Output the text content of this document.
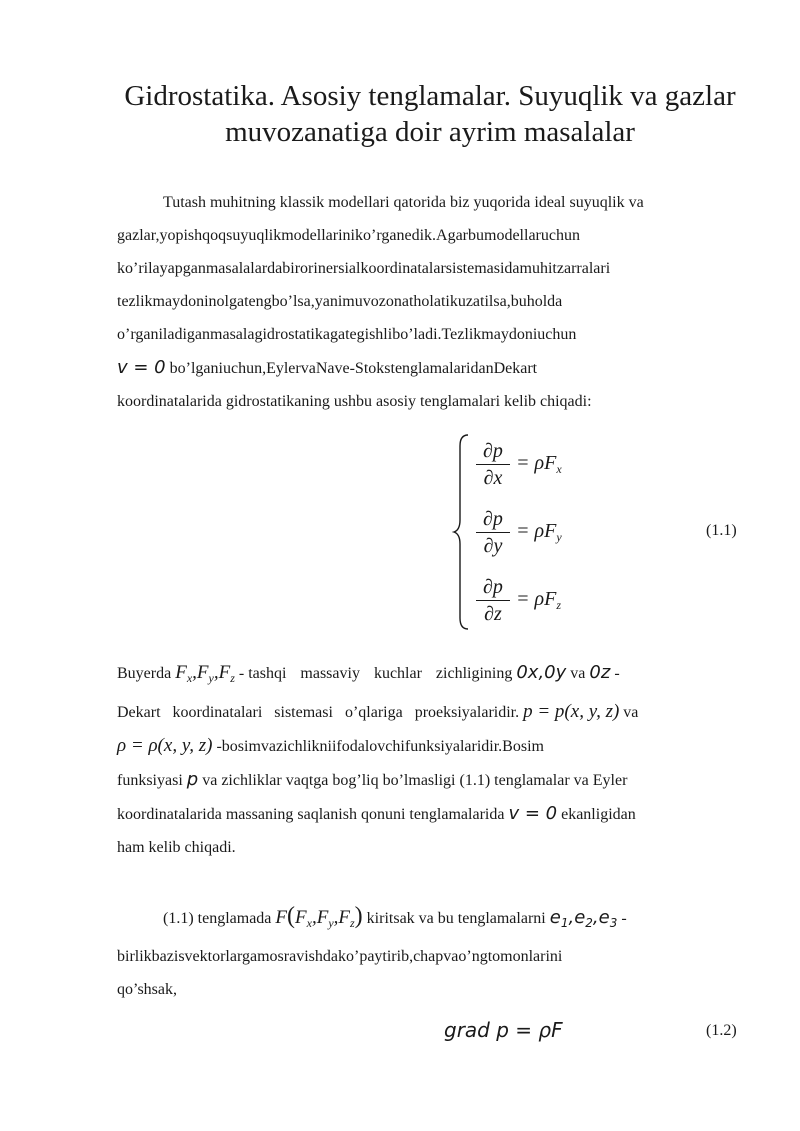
Gidrostatika. Asosiy tenglamalar. Suyuqlik va gazlar muvozanatiga doir ayrim masalalar
Tutash muhitning klassik modellari qatorida biz yuqorida ideal suyuqlik va
gazlar,yopishqoqsuyuqlikmodellariniko’rganedik.Agarbumodellaruchun
ko’rilayapganmasalalardabirorinersialkoordinatalarsistemasidamuhitzarralari
tezlikmaydoninolgatengbo’lsa,yanimuvozonatholatikuzatilsa,buholda
o’rganiladiganmasalagidrostatikagategishlibo’ladi.Tezlikmaydoniuchun
v = 0 bo’lganiuchun,EylervaNave-StokstenglamalaridanDekart
koordinatalarida gidrostatikaning ushbu asosiy tenglamalari kelib chiqadi:
$\frac{\partial p}{\partial x} = \rho F_x$
$\frac{\partial p}{\partial y} = \rho F_y$
$\frac{\partial p}{\partial z} = \rho F_z$
(1.1)
Buyerda $F_x,F_y,F_z$ - tashqi massaviy kuchlar zichligining 0x,0y va 0z -
Dekart koordinatalari sistemasi o’qlariga proeksiyalaridir. p = p(x, y, z) va
ρ = ρ(x, y, z) -bosimvazichlikniifodalovchifunksiyalaridir.Bosim
funksiyasi p va zichliklar vaqtga bog’liq bo’lmasligi (1.1) tenglamalar va Eyler
koordinatalarida massaning saqlanish qonuni tenglamalarida v = 0 ekanligidan
ham kelib chiqadi.
(1.1) tenglamada $F(F_x,F_y,F_z)$ kiritsak va bu tenglamalarni $e_1,e_2,e_3$ -
birlikbazisvektorlargamosravishdako’paytirib,chapvao’ngtomonlarini
qo’shsak,
grad p = ρF	(1.2)
